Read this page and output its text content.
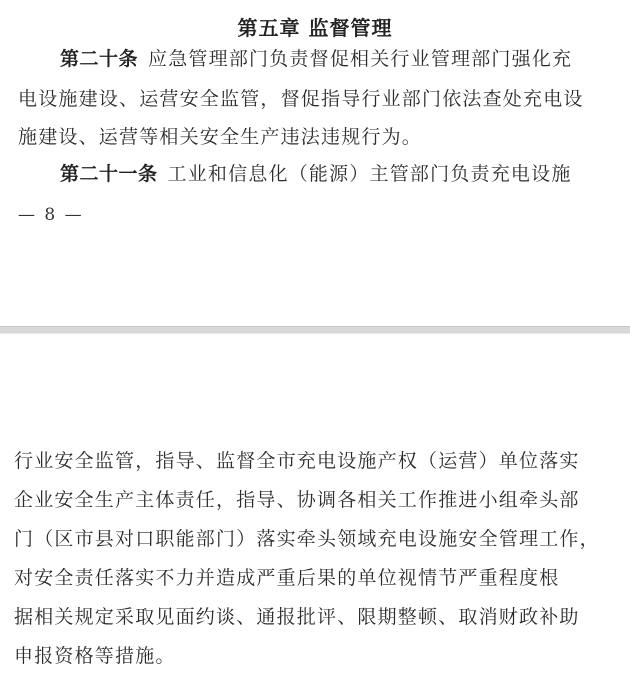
第五章 监督管理
第二十条 应急管理部门负责督促相关行业管理部门强化充
电设施建设、运营安全监管，督促指导行业部门依法查处充电设
施建设、运营等相关安全生产违法违规行为。
第二十一条 工业和信息化（能源）主管部门负责充电设施
— 8 —
行业安全监管，指导、监督全市充电设施产权（运营）单位落实
企业安全生产主体责任，指导、协调各相关工作推进小组牵头部
门（区市县对口职能部门）落实牵头领域充电设施安全管理工作，
对安全责任落实不力并造成严重后果的单位视情节严重程度根
据相关规定采取见面约谈、通报批评、限期整顿、取消财政补助
申报资格等措施。
